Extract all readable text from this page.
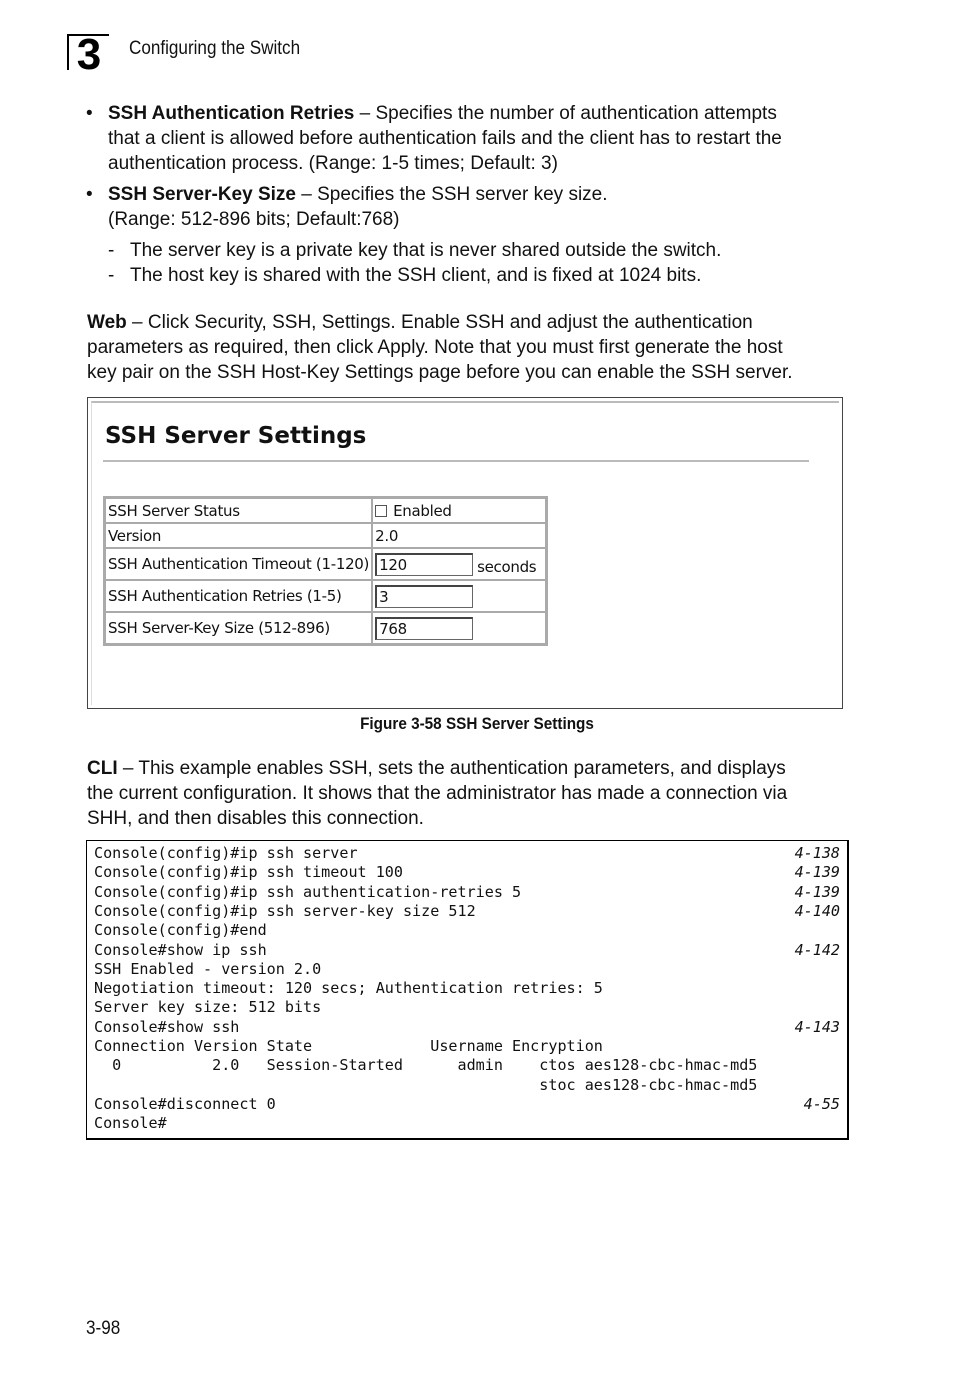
3	Configuring the Switch
• SSH Authentication Retries – Specifies the number of authentication attempts
that a client is allowed before authentication fails and the client has to restart the
authentication process. (Range: 1-5 times; Default: 3)
• SSH Server-Key Size – Specifies the SSH server key size.
(Range: 512-896 bits; Default:768)
- The server key is a private key that is never shared outside the switch.
- The host key is shared with the SSH client, and is fixed at 1024 bits.
Web – Click Security, SSH, Settings. Enable SSH and adjust the authentication
parameters as required, then click Apply. Note that you must first generate the host
key pair on the SSH Host-Key Settings page before you can enable the SSH server.
SSH Server Settings
SSH Server Status	Enabled
Version	2.0
SSH Authentication Timeout (1-120)	120 seconds
SSH Authentication Retries (1-5)	3
SSH Server-Key Size (512-896)	768
Figure 3-58 SSH Server Settings
CLI – This example enables SSH, sets the authentication parameters, and displays
the current configuration. It shows that the administrator has made a connection via
SHH, and then disables this connection.
Console(config)#ip ssh server	4-138
Console(config)#ip ssh timeout 100	4-139
Console(config)#ip ssh authentication-retries 5	4-139
Console(config)#ip ssh server-key size 512	4-140
Console(config)#end
Console#show ip ssh	4-142
SSH Enabled - version 2.0
Negotiation timeout: 120 secs; Authentication retries: 5
Server key size: 512 bits
Console#show ssh	4-143
Connection Version State             Username Encryption
0          2.0   Session-Started      admin    ctos aes128-cbc-hmac-md5
stoc aes128-cbc-hmac-md5
Console#disconnect 0	4-55
Console#
3-98
